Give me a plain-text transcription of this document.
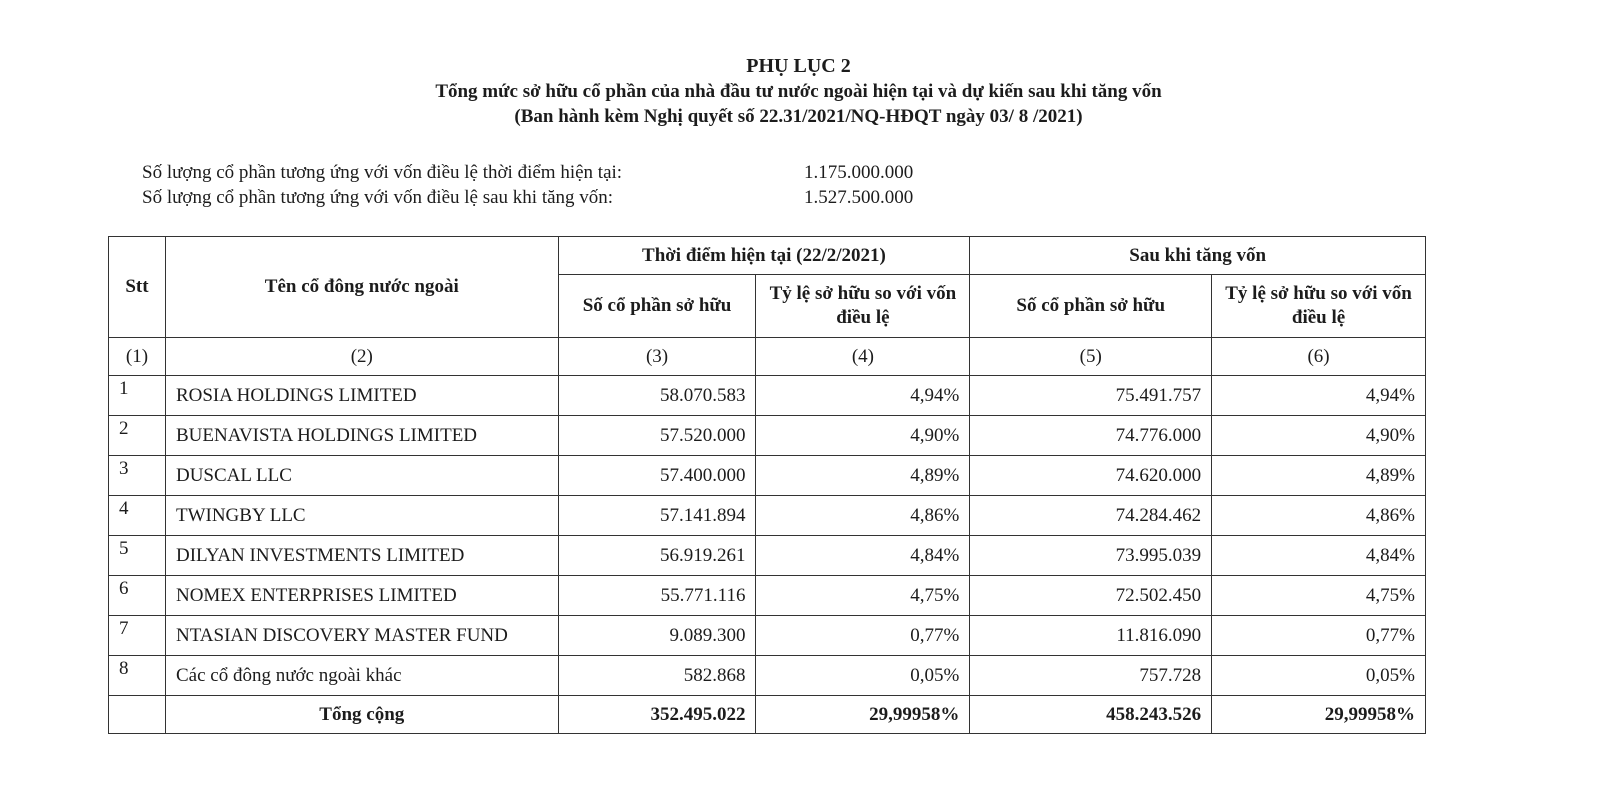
PHỤ LỤC 2
Tổng mức sở hữu cổ phần của nhà đầu tư nước ngoài hiện tại và dự kiến sau khi tăng vốn
(Ban hành kèm Nghị quyết số 22.31/2021/NQ-HĐQT ngày 03/ 8 /2021)
Số lượng cổ phần tương ứng với vốn điều lệ thời điểm hiện tại:	1.175.000.000
Số lượng cổ phần tương ứng với vốn điều lệ sau khi tăng vốn:	1.527.500.000
Stt	Tên cổ đông nước ngoài	Thời điểm hiện tại (22/2/2021)		Sau khi tăng vốn	
		Số cổ phần sở hữu	Tỷ lệ sở hữu so với vốn điều lệ	Số cổ phần sở hữu	Tỷ lệ sở hữu so với vốn điều lệ
(1)	(2)	(3)	(4)	(5)	(6)
1	ROSIA HOLDINGS LIMITED	58.070.583	4,94%	75.491.757	4,94%
2	BUENAVISTA HOLDINGS LIMITED	57.520.000	4,90%	74.776.000	4,90%
3	DUSCAL LLC	57.400.000	4,89%	74.620.000	4,89%
4	TWINGBY LLC	57.141.894	4,86%	74.284.462	4,86%
5	DILYAN INVESTMENTS LIMITED	56.919.261	4,84%	73.995.039	4,84%
6	NOMEX ENTERPRISES LIMITED	55.771.116	4,75%	72.502.450	4,75%
7	NTASIAN DISCOVERY MASTER FUND	9.089.300	0,77%	11.816.090	0,77%
8	Các cổ đông nước ngoài khác	582.868	0,05%	757.728	0,05%
	Tổng cộng	352.495.022	29,99958%	458.243.526	29,99958%
